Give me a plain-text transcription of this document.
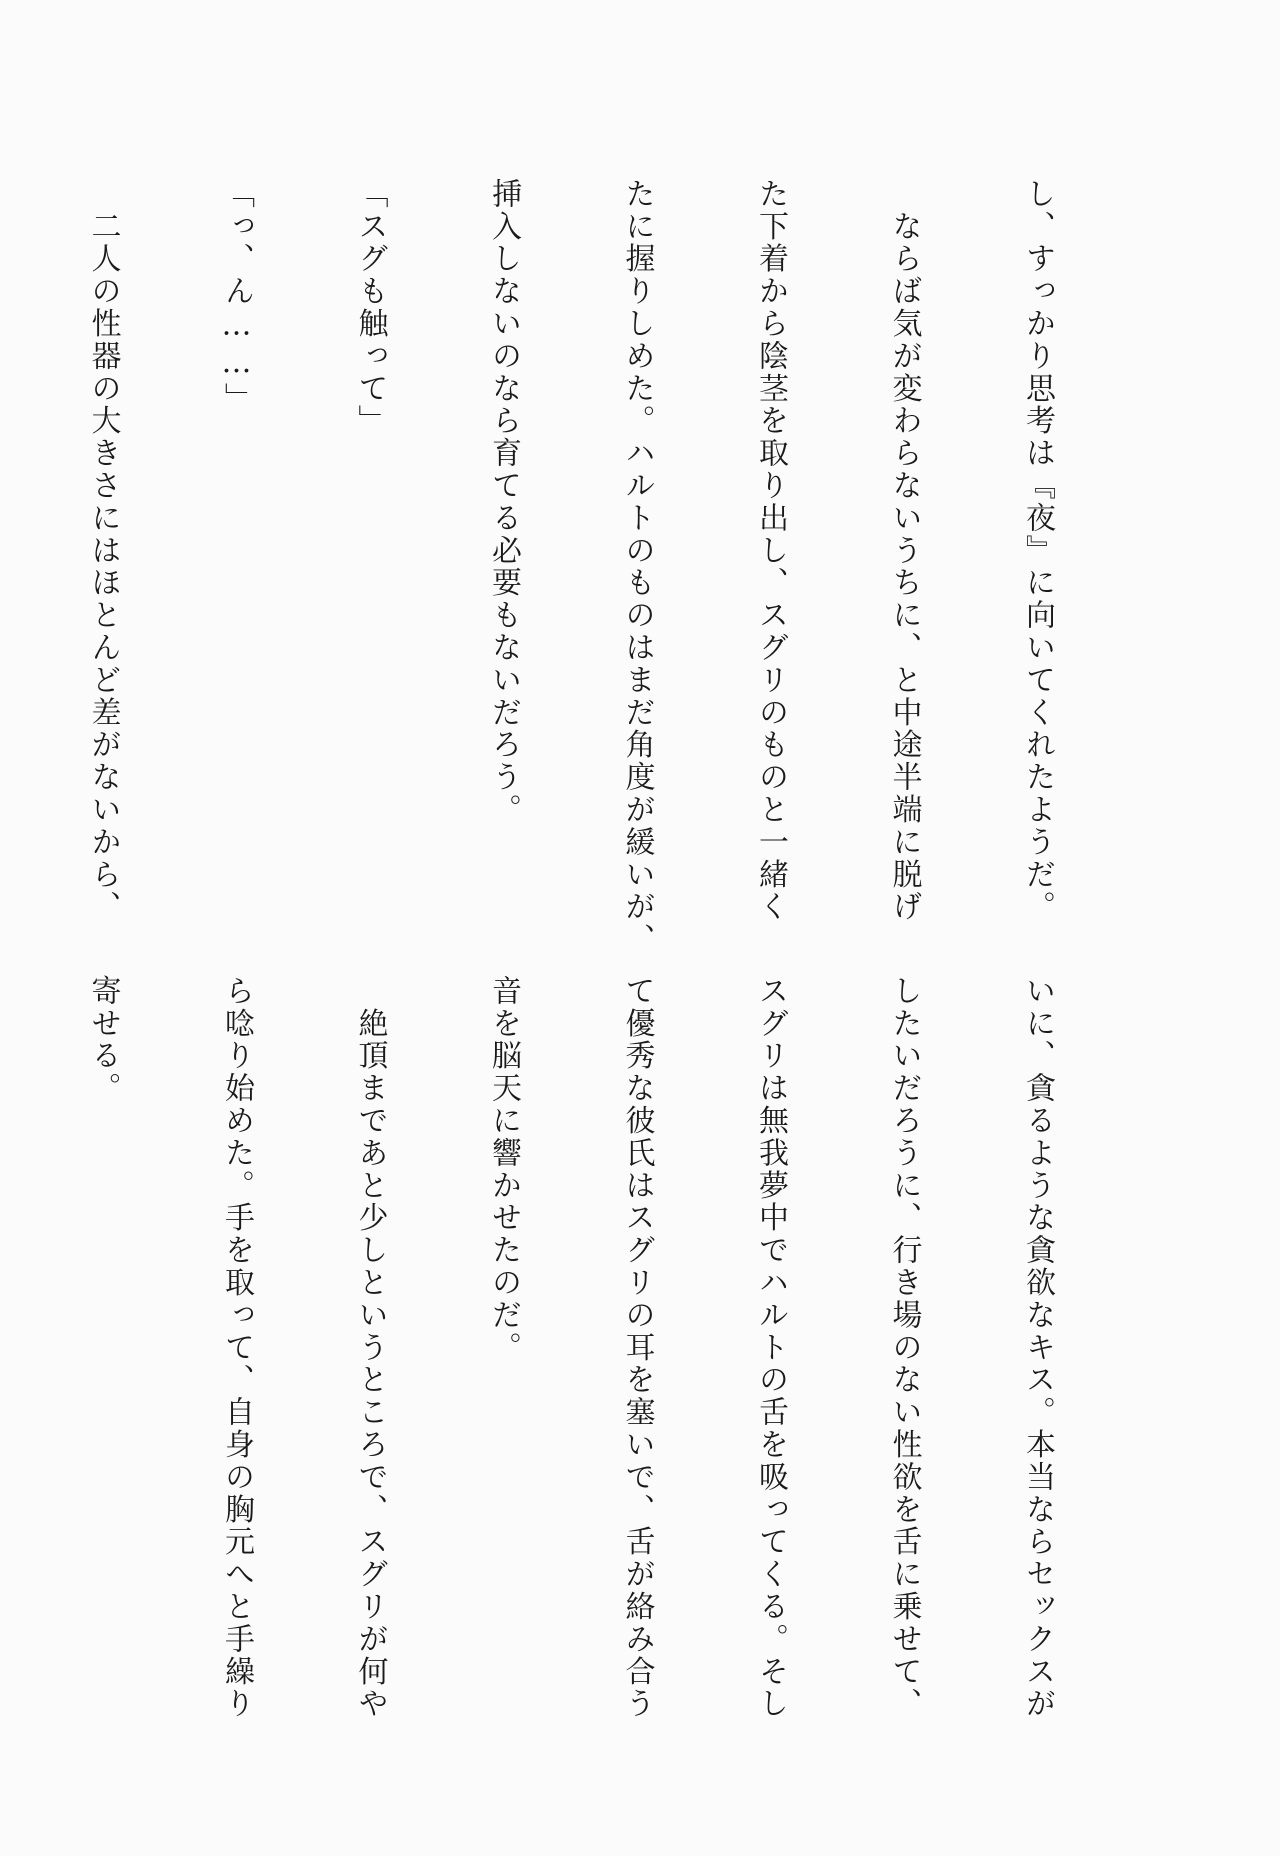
し、すっかり思考は『夜』に向いてくれたようだ。

　ならば気が変わらないうちに、と中途半端に脱げ

た下着から陰茎を取り出し、スグリのものと一緒く

たに握りしめた。ハルトのものはまだ角度が緩いが、

挿入しないのなら育てる必要もないだろう。

「スグも触って」

「っ、ん……」

　二人の性器の大きさにはほとんど差がないから、

いに、貪るような貪欲なキス。本当ならセックスが

したいだろうに、行き場のない性欲を舌に乗せて、

スグリは無我夢中でハルトの舌を吸ってくる。そし

て優秀な彼氏はスグリの耳を塞いで、舌が絡み合う

音を脳天に響かせたのだ。

　絶頂まであと少しというところで、スグリが何や

ら唸り始めた。手を取って、自身の胸元へと手繰り

寄せる。
